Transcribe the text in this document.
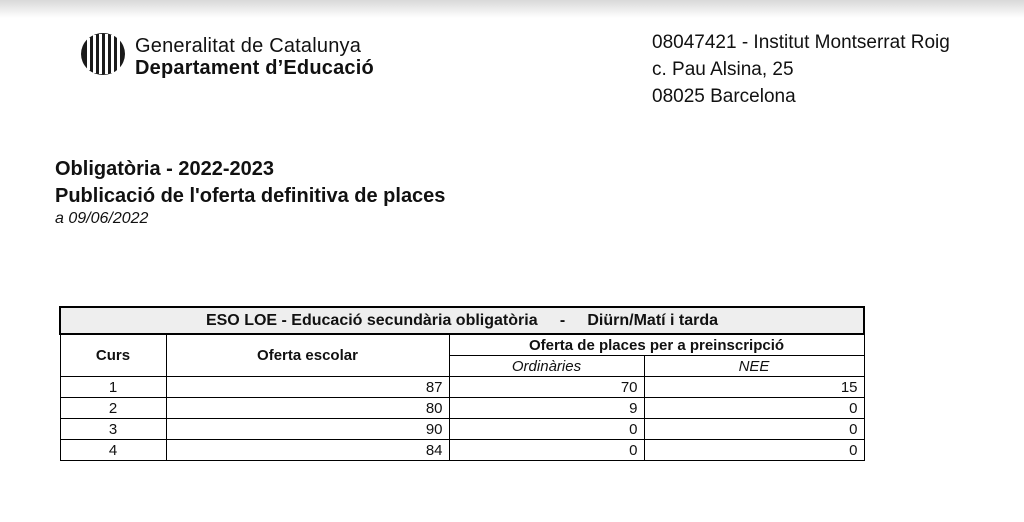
Generalitat de Catalunya
Departament d’Educació
08047421 - Institut Montserrat Roig
c. Pau Alsina, 25
08025 Barcelona
Obligatòria - 2022-2023
Publicació de l'oferta definitiva de places
a 09/06/2022
ESO LOE - Educació secundària obligatòria     -     Diürn/Matí i tarda			
Curs	Oferta escolar	Oferta de places per a preinscripció	
		Ordinàries	NEE
1	87	70	15
2	80	9	0
3	90	0	0
4	84	0	0
